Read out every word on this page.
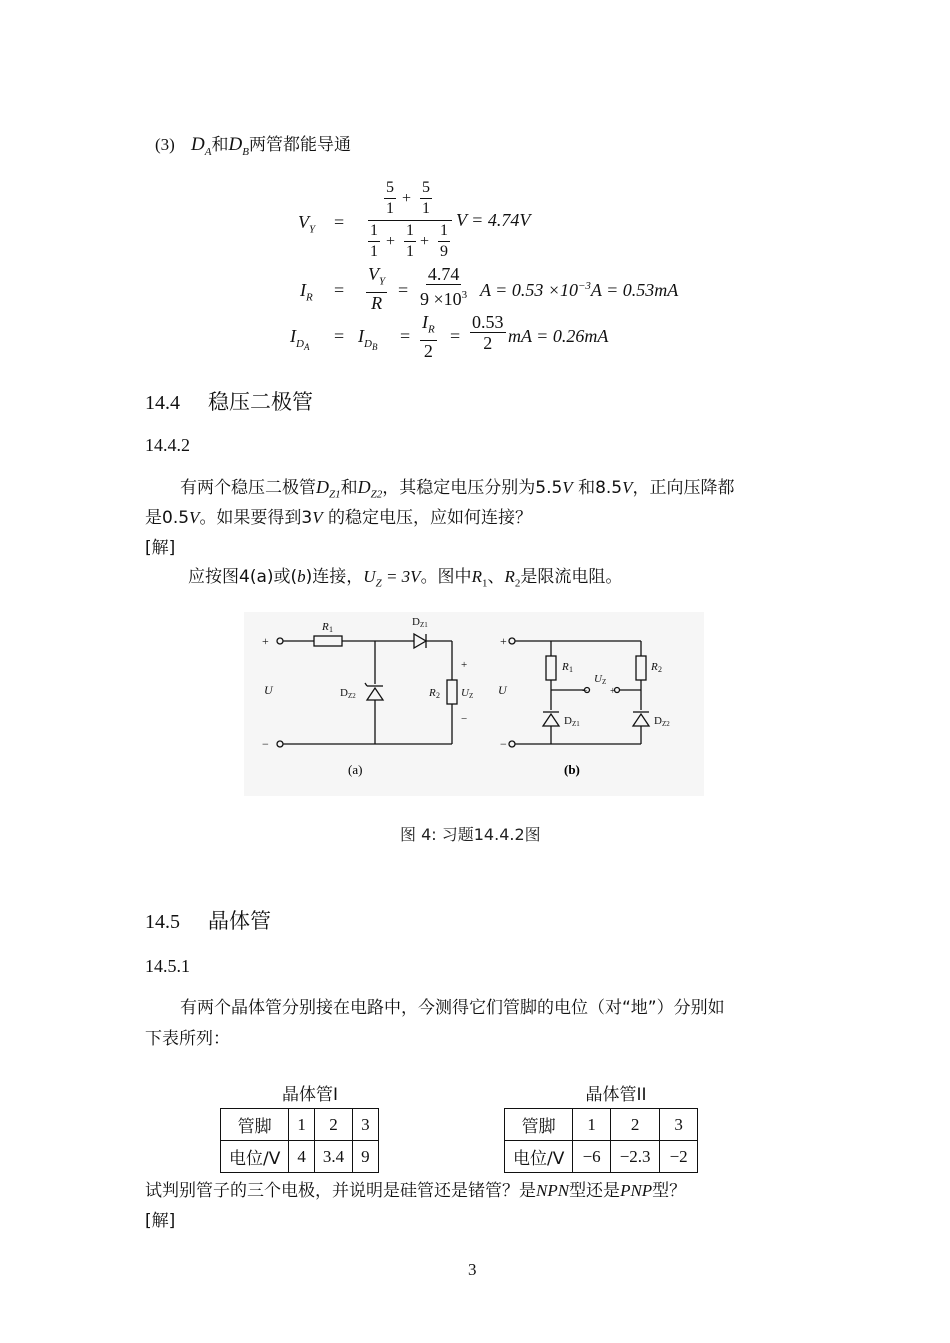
(3) $D_A$和$D_B$两管都能导通
$V_Y$ =
$\frac{5}{1} + \frac{5}{1}$
$\frac{1}{1} + \frac{1}{1} + \frac{1}{9}$
V = 4.74V
$I_R = \frac{V_Y}{R} = \frac{4.74}{9 \times 10^3}$ $A = 0.53 \times 10^{-3}A = 0.53mA$
$I_{D_A}$
= $I_{D_B}$
= $\frac{I_R}{2} = \frac{0.53}{2}$ mA = 0.26mA
14.4 稳压二极管
14.4.2
有两个稳压二极管$D_{Z1}$和$D_{Z2}$，其稳定电压分别为5.5V 和8.5V，正向压降都
是0.5V。如果要得到3V 的稳定电压，应如何连接？
[解]
应按图4(a)或(b)连接，$U_Z = 3V$。图中$R_1$、$R_2$是限流电阻。
+
−
U
R 1
D Z1
D Z2	R 2
+
U Z
−
U
+
−
R 1	R 2
D Z1	D Z2
U Z
− +
(a)	(b)
图 4: 习题14.4.2图
14.5 晶体管
14.5.1
有两个晶体管分别接在电路中，今测得它们管脚的电位（对“地”）分别如
下表所列：
晶体管I
管脚	1	2	3
电位/V	4	3.4	9
晶体管II
管脚	1	2	3
电位/V	−6	−2.3	−2
试判别管子的三个电极，并说明是硅管还是锗管？是NPN型还是PNP型？
[解]
3
